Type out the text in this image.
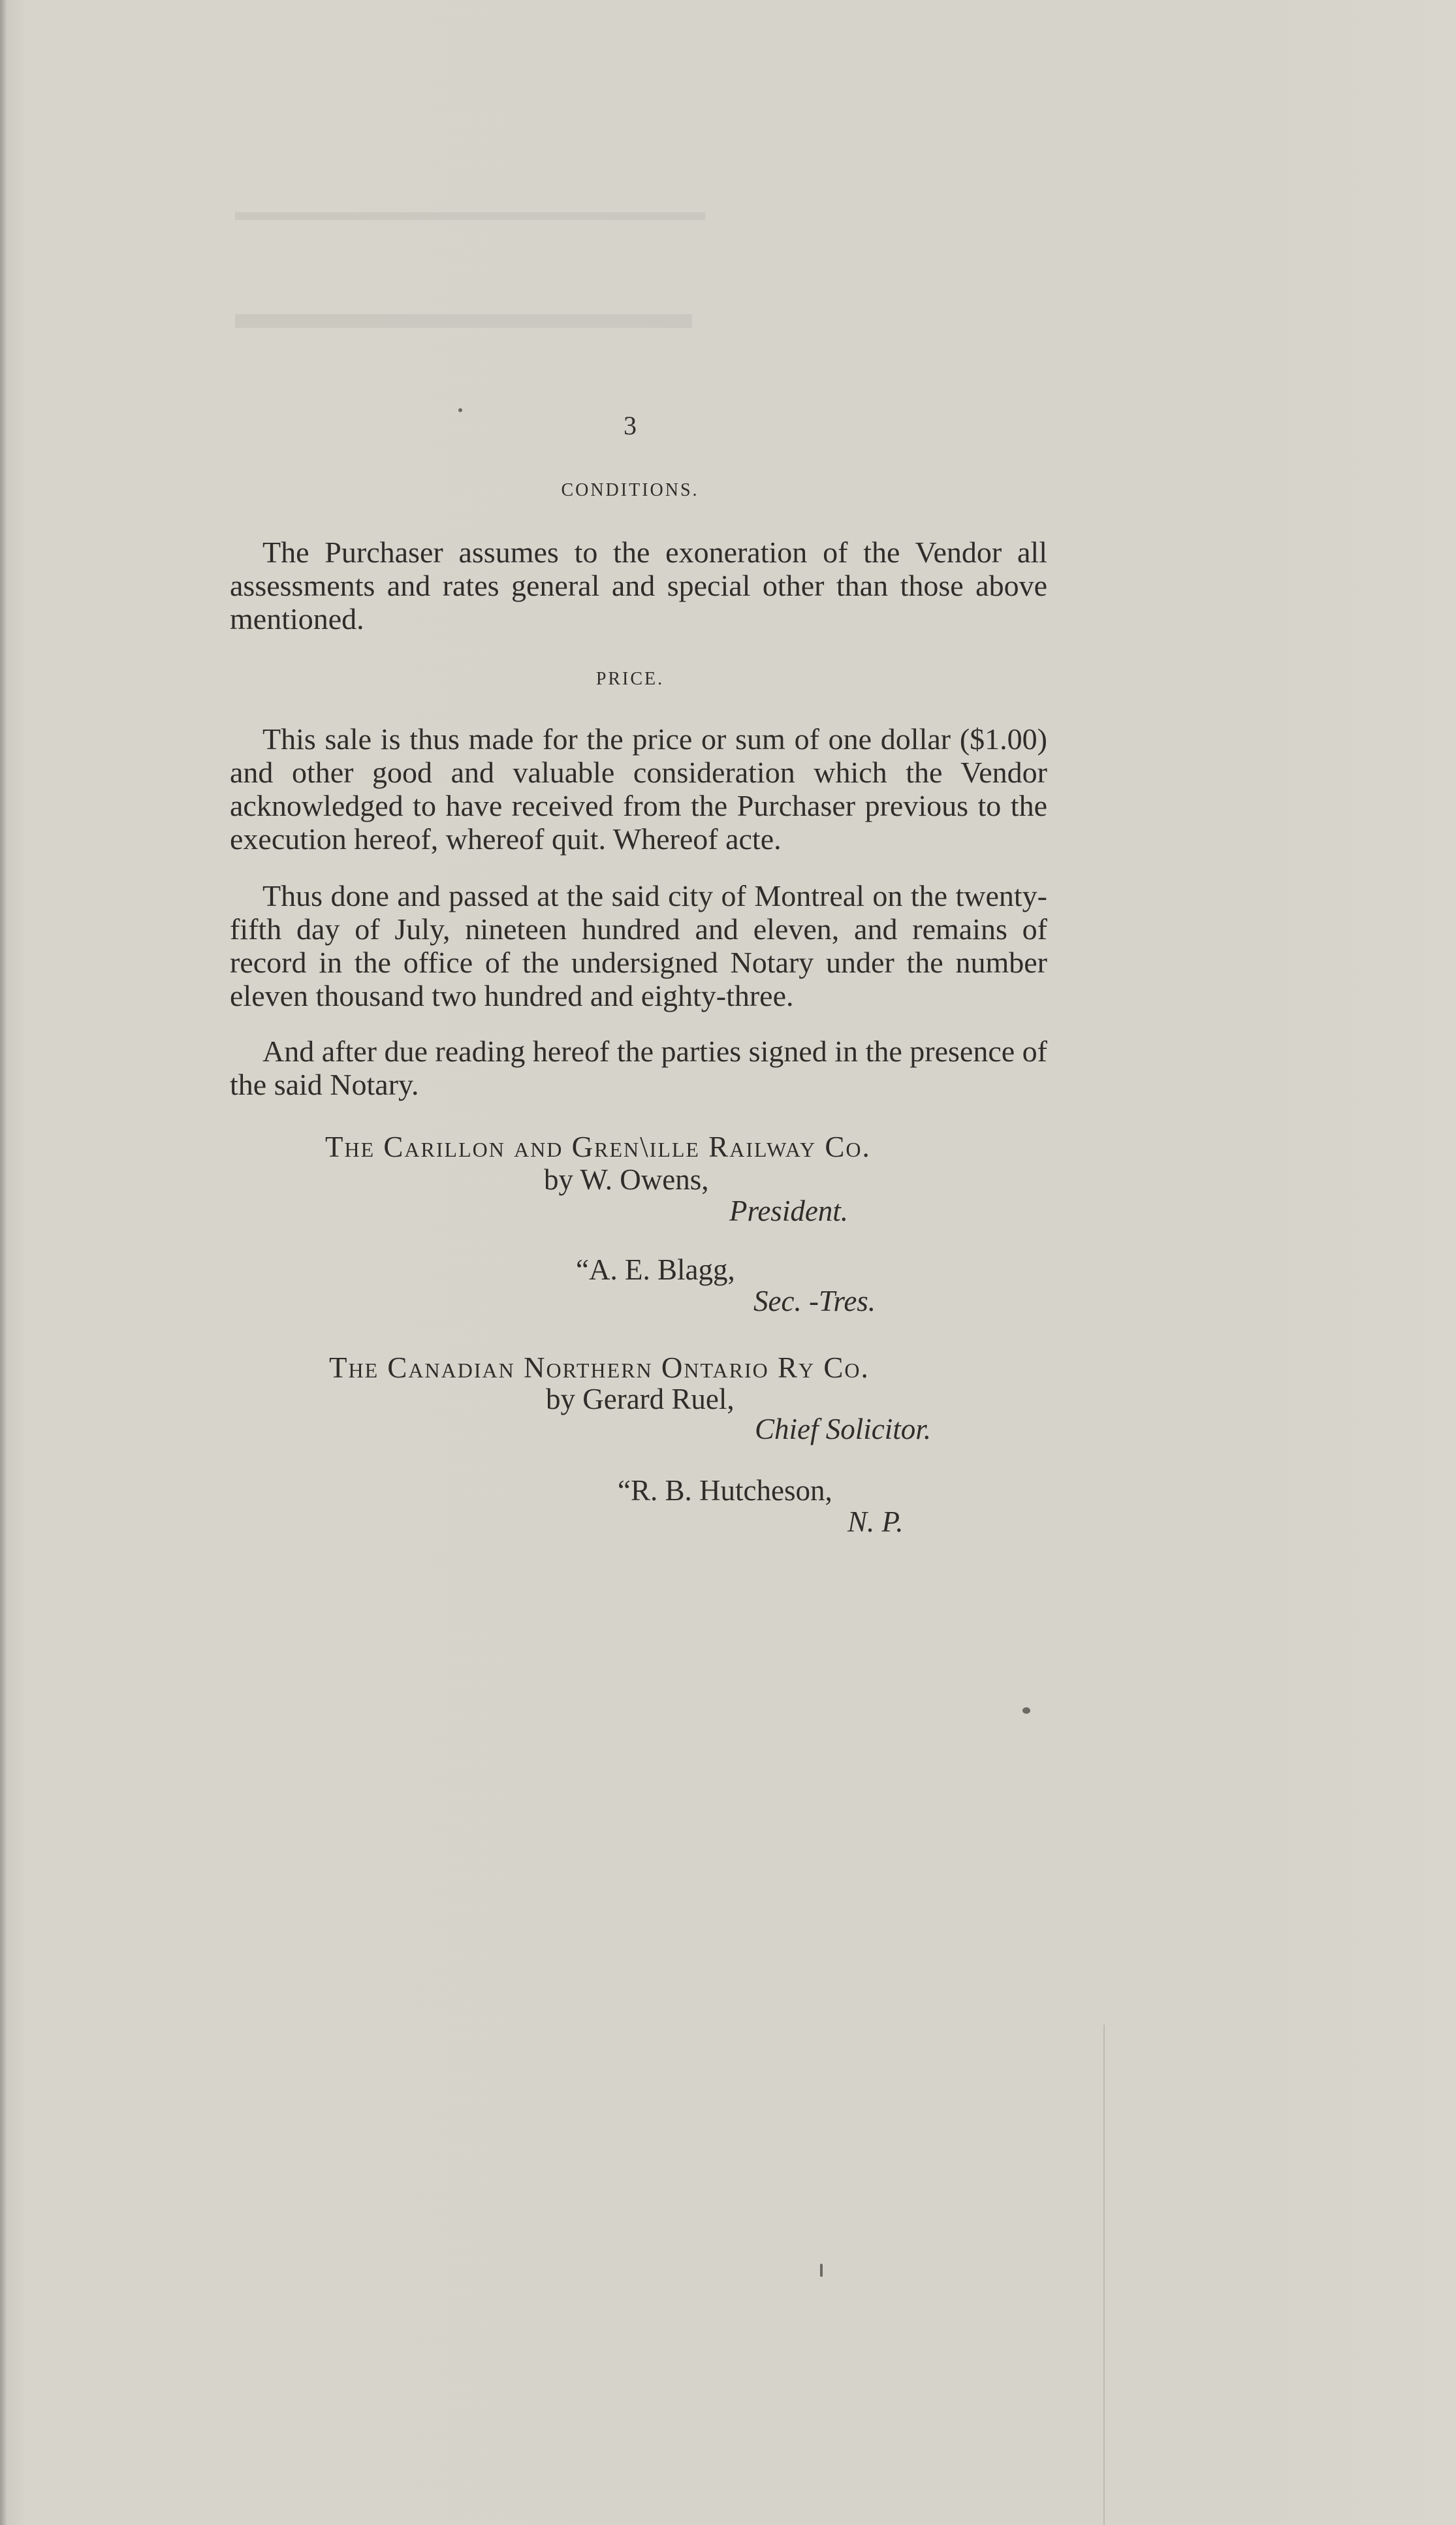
▬▬▬▬▬▬▬▬▬▬▬▬▬▬▬▬▬▬
▬▬▬▬▬▬▬▬▬▬
3
CONDITIONS.
The Purchaser assumes to the exoneration of the Vendor all assessments and rates general and special other than those above mentioned.
PRICE.
This sale is thus made for the price or sum of one dollar ($1.00) and other good and valuable consideration which the Vendor acknowledged to have received from the Purchaser previous to the execution hereof, whereof quit. Whereof acte.
Thus done and passed at the said city of Montreal on the twenty-fifth day of July, nineteen hundred and eleven, and remains of record in the office of the undersigned Notary under the number eleven thousand two hundred and eighty-three.
And after due reading hereof the parties signed in the presence of the said Notary.
The Carillon and Gren\ille Railway Co.
by W. Owens,
President.
“A. E. Blagg,
Sec. -Tres.
The Canadian Northern Ontario Ry Co.
by Gerard Ruel,
Chief Solicitor.
“R. B. Hutcheson,
N. P.
